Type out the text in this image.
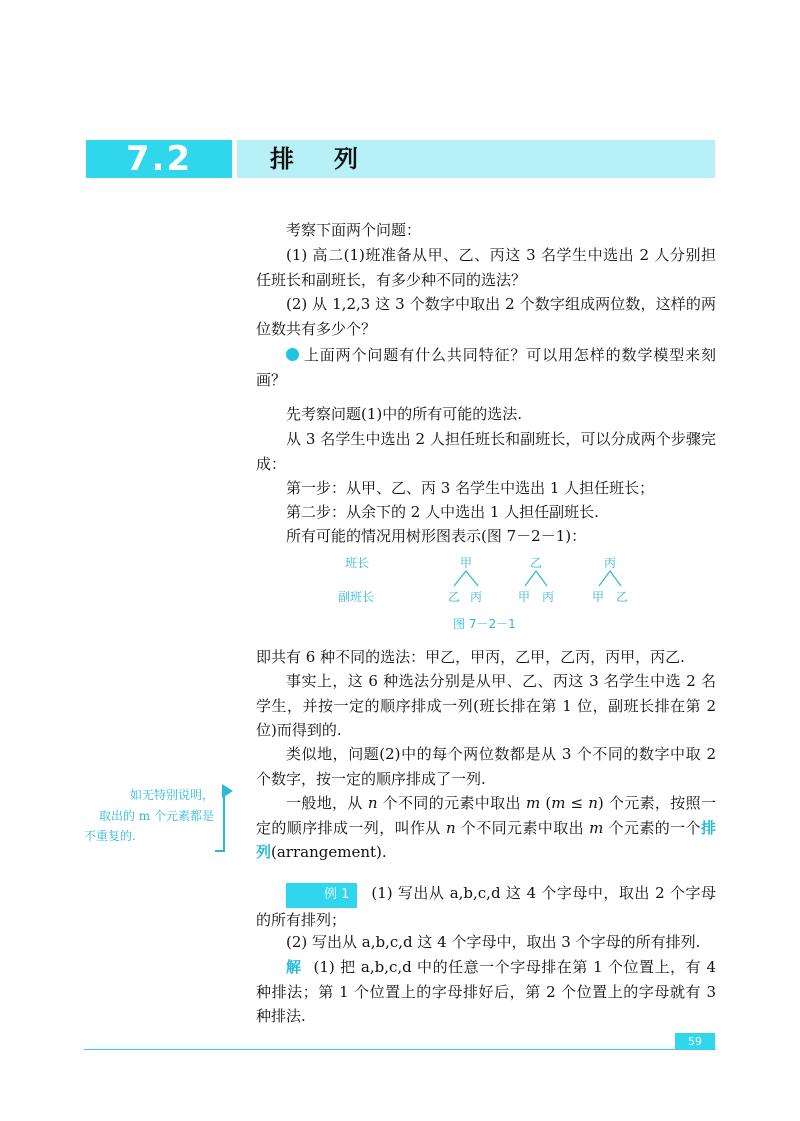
7.2	排列

考察下面两个问题：

(1) 高二(1)班准备从甲、乙、丙这 3 名学生中选出 2 人分别担任班长和副班长，有多少种不同的选法？

(2) 从 1,2,3 这 3 个数字中取出 2 个数字组成两位数，这样的两位数共有多少个？

上面两个问题有什么共同特征？可以用怎样的数学模型来刻画？

先考察问题(1)中的所有可能的选法.

从 3 名学生中选出 2 人担任班长和副班长，可以分成两个步骤完成：

第一步：从甲、乙、丙 3 名学生中选出 1 人担任班长；

第二步：从余下的 2 人中选出 1 人担任副班长.

所有可能的情况用树形图表示(图 7－2－1)：

班长
副班长
甲
乙 丙
乙
甲 丙
丙
甲 乙
图 7－2－1

即共有 6 种不同的选法：甲乙，甲丙，乙甲，乙丙，丙甲，丙乙.

事实上，这 6 种选法分别是从甲、乙、丙这 3 名学生中选 2 名学生，并按一定的顺序排成一列(班长排在第 1 位，副班长排在第 2 位)而得到的.

类似地，问题(2)中的每个两位数都是从 3 个不同的数字中取 2 个数字，按一定的顺序排成了一列.

一般地，从 n 个不同的元素中取出 m (m ≤ n) 个元素，按照一定的顺序排成一列，叫作从 n 个不同元素中取出 m 个元素的一个排列(arrangement).

如无特别说明，
取出的 m 个元素都是
不重复的.

例 1 (1) 写出从 a,b,c,d 这 4 个字母中，取出 2 个字母的所有排列；

(2) 写出从 a,b,c,d 这 4 个字母中，取出 3 个字母的所有排列.

解 (1) 把 a,b,c,d 中的任意一个字母排在第 1 个位置上，有 4 种排法；第 1 个位置上的字母排好后，第 2 个位置上的字母就有 3 种排法.

59
